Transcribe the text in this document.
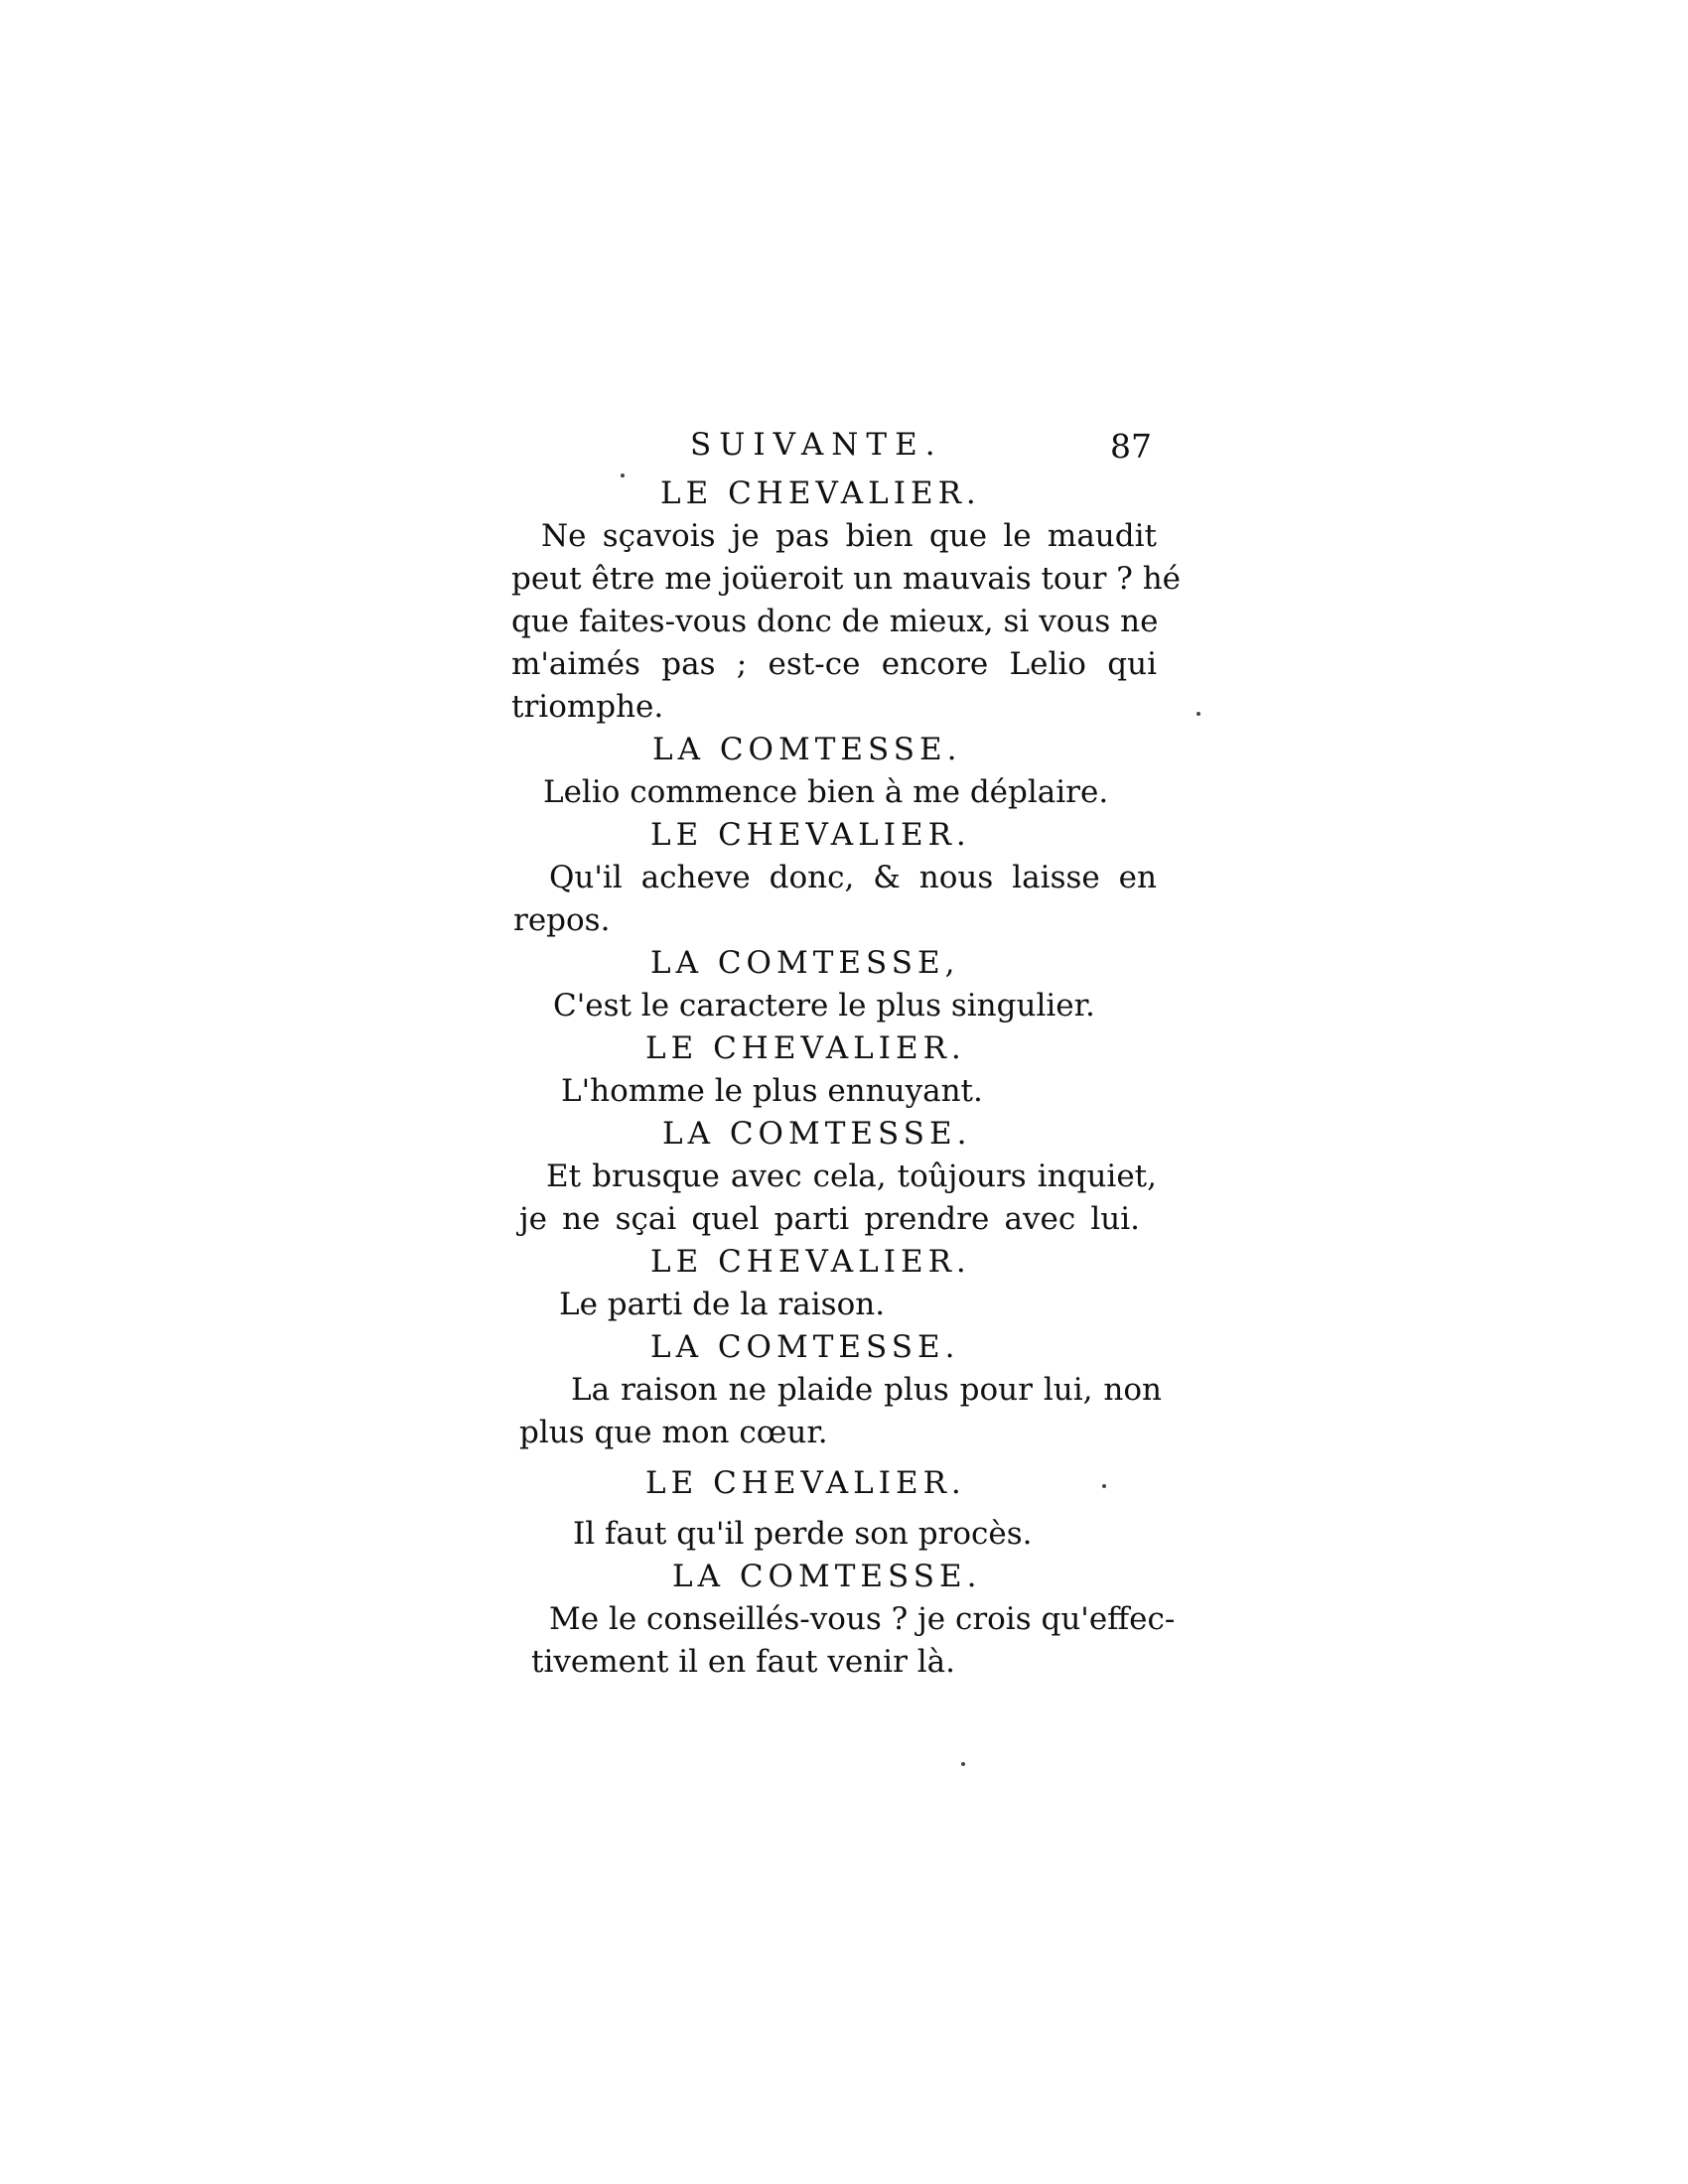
SUIVANTE.	87
LE CHEVALIER.
Ne sçavois je pas bien que le maudit
peut être me joüeroit un mauvais tour ? hé
que faites-vous donc de mieux, si vous ne
m'aimés pas ; est-ce encore Lelio qui
triomphe.
LA COMTESSE.
Lelio commence bien à me déplaire.
LE CHEVALIER.
Qu'il acheve donc, & nous laisse en
repos.
LA COMTESSE,
C'est le caractere le plus singulier.
LE CHEVALIER.
L'homme le plus ennuyant.
LA COMTESSE.
Et brusque avec cela, toûjours inquiet,
je ne sçai quel parti prendre avec lui.
LE CHEVALIER.
Le parti de la raison.
LA COMTESSE.
La raison ne plaide plus pour lui, non
plus que mon cœur.
LE CHEVALIER.
Il faut qu'il perde son procès.
LA COMTESSE.
Me le conseillés-vous ? je crois qu'effec-
tivement il en faut venir là.
